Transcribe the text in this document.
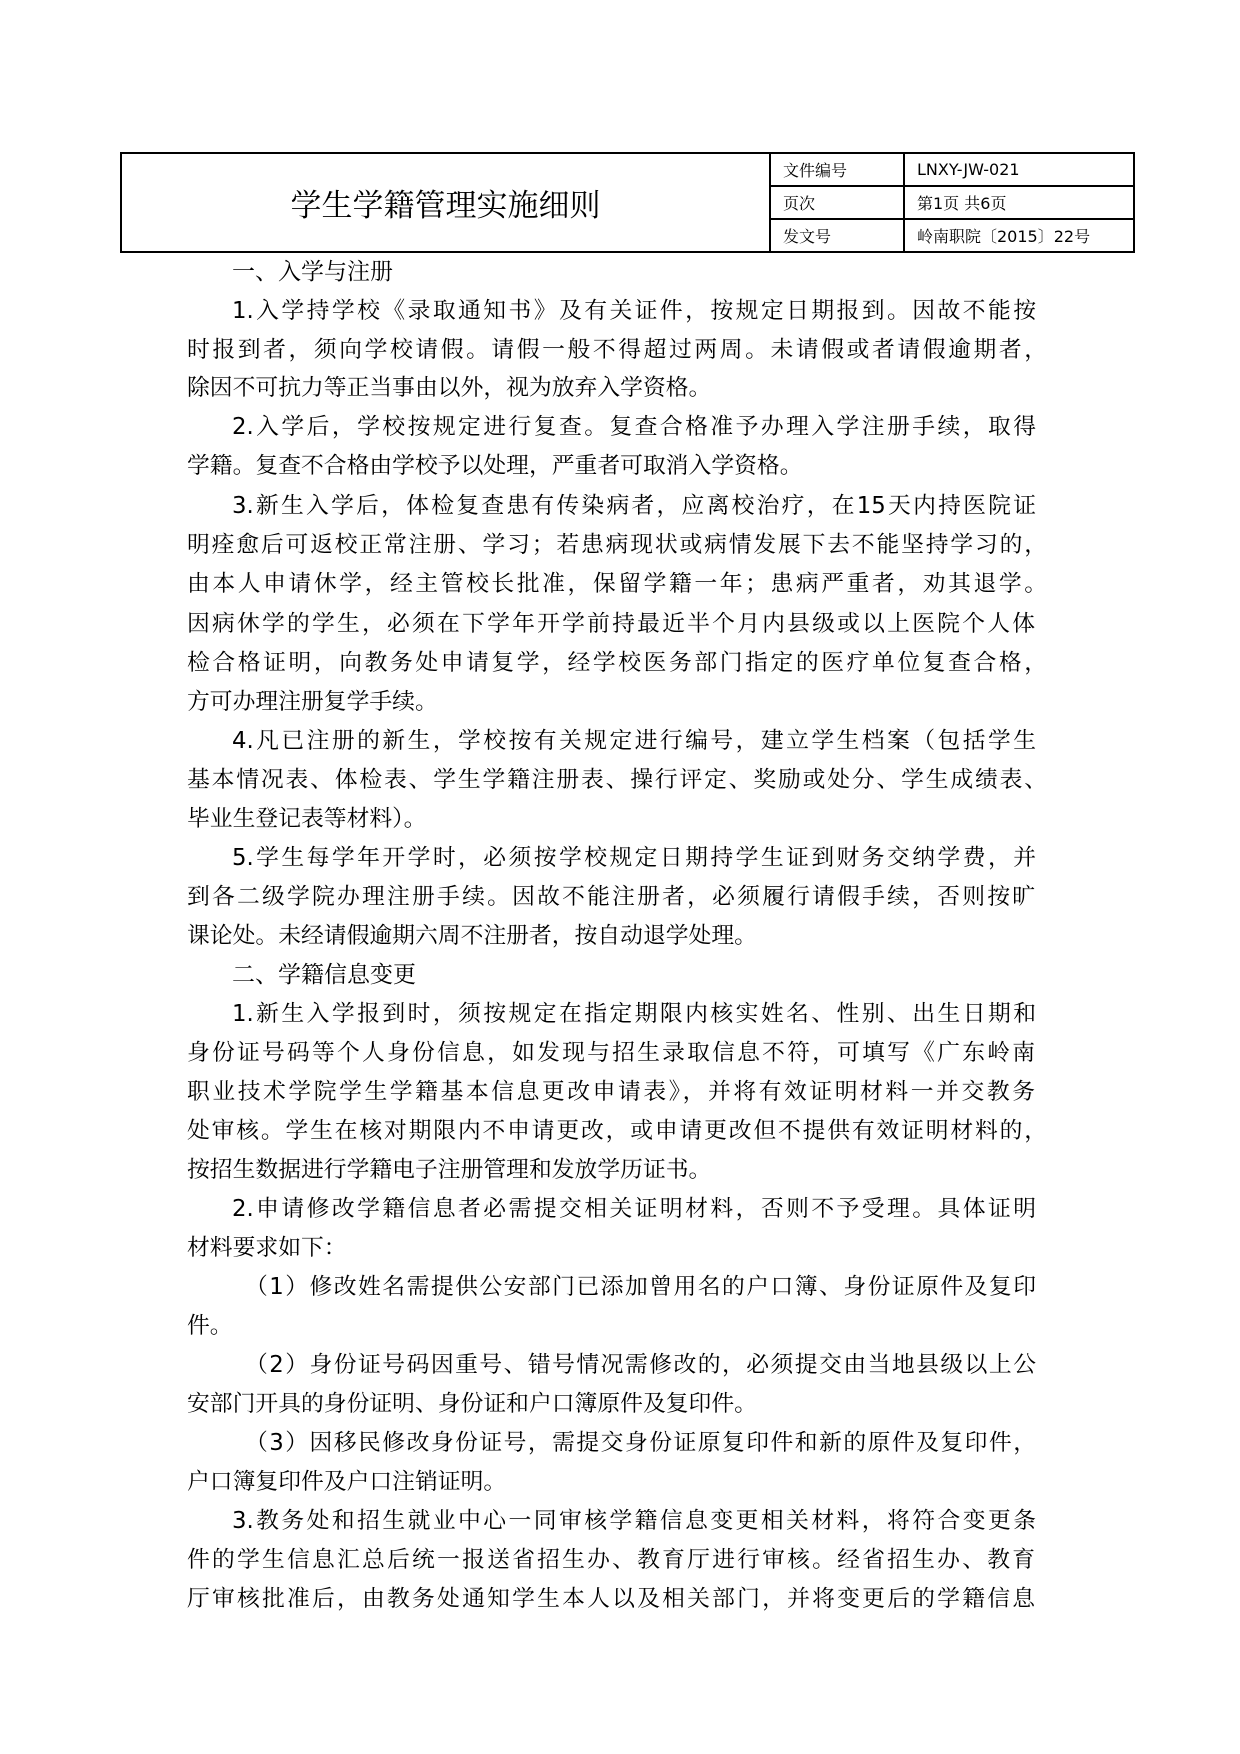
学生学籍管理实施细则	文件编号	LNXY-JW-021
	页次	第1页 共6页
	发文号	岭南职院〔2015〕22号
一、入学与注册
1.入学持学校《录取通知书》及有关证件，按规定日期报到。因故不能按
时报到者，须向学校请假。请假一般不得超过两周。未请假或者请假逾期者，
除因不可抗力等正当事由以外，视为放弃入学资格。
2.入学后，学校按规定进行复查。复查合格准予办理入学注册手续，取得
学籍。复查不合格由学校予以处理，严重者可取消入学资格。
3.新生入学后，体检复查患有传染病者，应离校治疗，在15天内持医院证
明痊愈后可返校正常注册、学习；若患病现状或病情发展下去不能坚持学习的，
由本人申请休学，经主管校长批准，保留学籍一年；患病严重者，劝其退学。
因病休学的学生，必须在下学年开学前持最近半个月内县级或以上医院个人体
检合格证明，向教务处申请复学，经学校医务部门指定的医疗单位复查合格，
方可办理注册复学手续。
4.凡已注册的新生，学校按有关规定进行编号，建立学生档案（包括学生
基本情况表、体检表、学生学籍注册表、操行评定、奖励或处分、学生成绩表、
毕业生登记表等材料）。
5.学生每学年开学时，必须按学校规定日期持学生证到财务交纳学费，并
到各二级学院办理注册手续。因故不能注册者，必须履行请假手续，否则按旷
课论处。未经请假逾期六周不注册者，按自动退学处理。
二、学籍信息变更
1.新生入学报到时，须按规定在指定期限内核实姓名、性别、出生日期和
身份证号码等个人身份信息，如发现与招生录取信息不符，可填写《广东岭南
职业技术学院学生学籍基本信息更改申请表》，并将有效证明材料一并交教务
处审核。学生在核对期限内不申请更改，或申请更改但不提供有效证明材料的，
按招生数据进行学籍电子注册管理和发放学历证书。
2.申请修改学籍信息者必需提交相关证明材料，否则不予受理。具体证明
材料要求如下：
（1）修改姓名需提供公安部门已添加曾用名的户口簿、身份证原件及复印
件。
（2）身份证号码因重号、错号情况需修改的，必须提交由当地县级以上公
安部门开具的身份证明、身份证和户口簿原件及复印件。
（3）因移民修改身份证号，需提交身份证原复印件和新的原件及复印件，
户口簿复印件及户口注销证明。
3.教务处和招生就业中心一同审核学籍信息变更相关材料，将符合变更条
件的学生信息汇总后统一报送省招生办、教育厅进行审核。经省招生办、教育
厅审核批准后，由教务处通知学生本人以及相关部门，并将变更后的学籍信息
